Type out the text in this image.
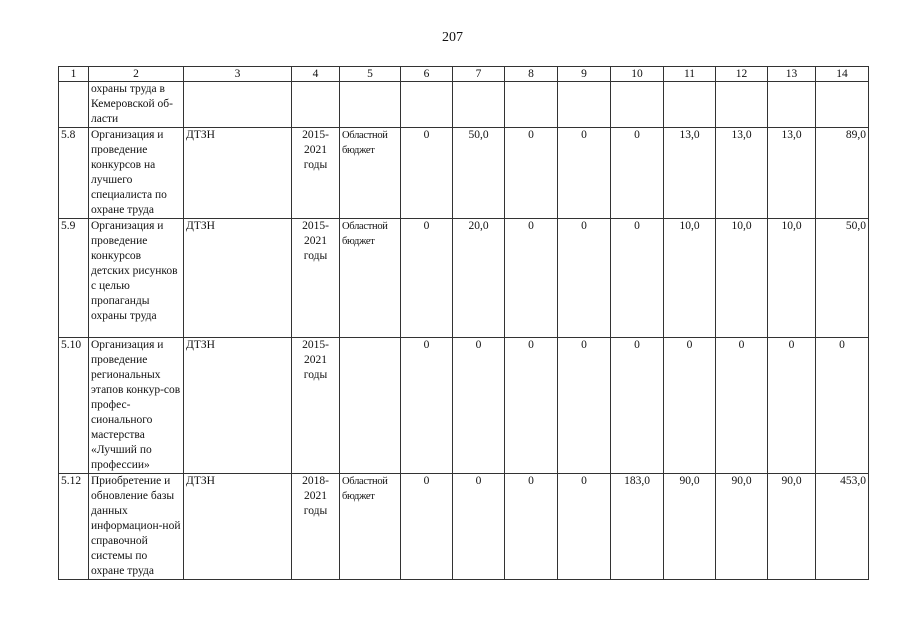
207
1	2	3	4	5	6	7	8	9	10	11	12	13	14
	охраны труда в Кемеровской об-ласти												
5.8	Организация и проведение конкурсов на лучшего специалиста по охране труда	ДТЗН	2015-2021 годы	Областной бюджет	0	50,0	0	0	0	13,0	13,0	13,0	89,0
5.9	Организация и проведение конкурсов детских рисунков с целью пропаганды охраны труда	ДТЗН	2015-2021 годы	Областной бюджет	0	20,0	0	0	0	10,0	10,0	10,0	50,0
5.10	Организация и проведение региональных этапов конкур-сов профес-сионального мастерства «Лучший по профессии»	ДТЗН	2015-2021 годы		0	0	0	0	0	0	0	0	0
5.12	Приобретение и обновление базы данных информацион-ной справочной системы по охране труда	ДТЗН	2018-2021 годы	Областной бюджет	0	0	0	0	183,0	90,0	90,0	90,0	453,0
